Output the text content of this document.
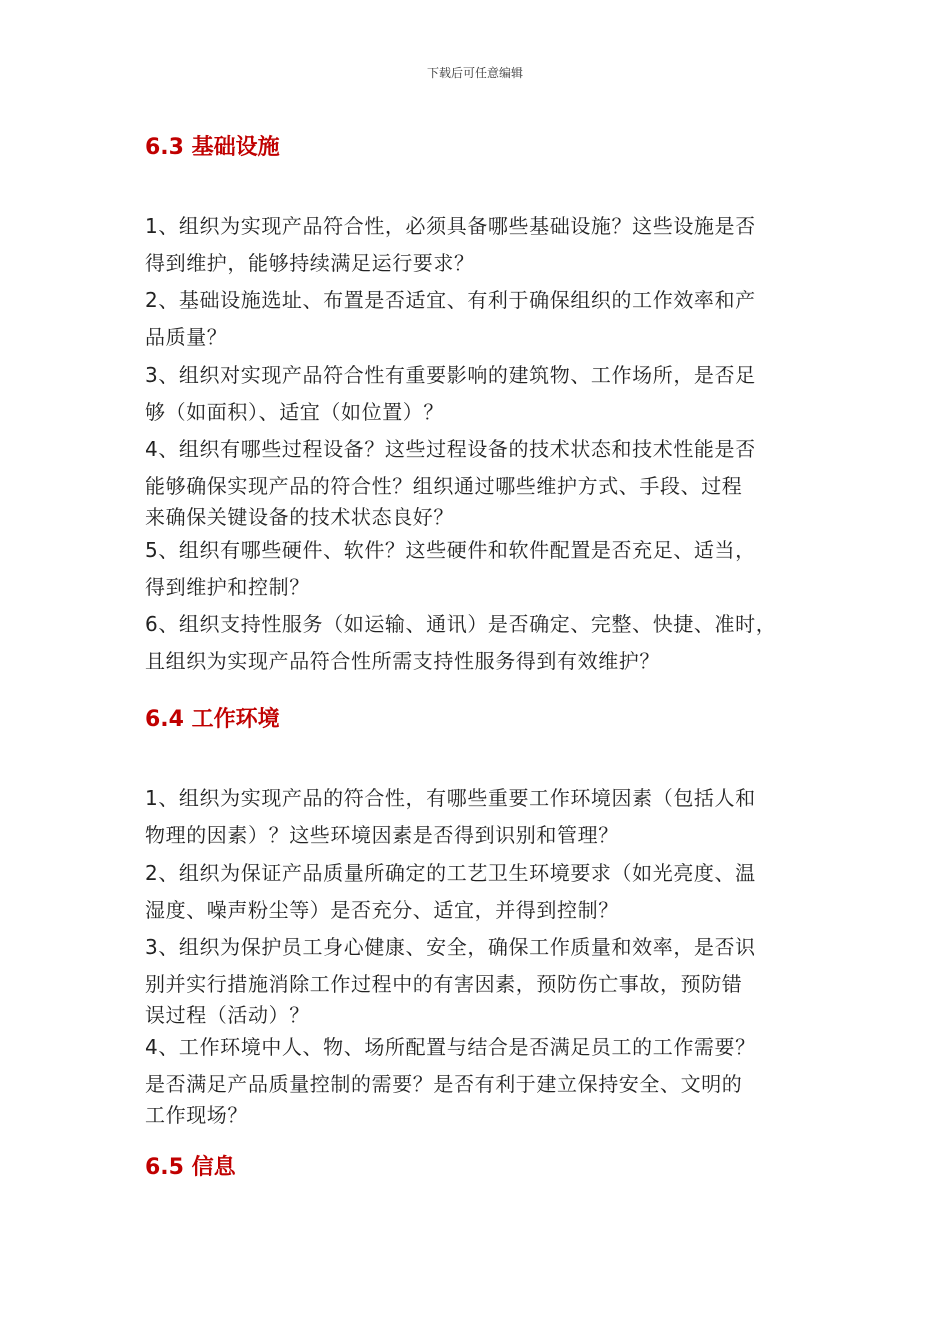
下载后可任意编辑
6.3 基础设施
1、组织为实现产品符合性，必须具备哪些基础设施？这些设施是否
得到维护，能够持续满足运行要求？
2、基础设施选址、布置是否适宜、有利于确保组织的工作效率和产
品质量？
3、组织对实现产品符合性有重要影响的建筑物、工作场所，是否足
够（如面积）、适宜（如位置）？
4、组织有哪些过程设备？这些过程设备的技术状态和技术性能是否
能够确保实现产品的符合性？组织通过哪些维护方式、手段、过程
来确保关键设备的技术状态良好？
5、组织有哪些硬件、软件？这些硬件和软件配置是否充足、适当，
得到维护和控制？
6、组织支持性服务（如运输、通讯）是否确定、完整、快捷、准时，
且组织为实现产品符合性所需支持性服务得到有效维护？
6.4 工作环境
1、组织为实现产品的符合性，有哪些重要工作环境因素（包括人和
物理的因素）？这些环境因素是否得到识别和管理？
2、组织为保证产品质量所确定的工艺卫生环境要求（如光亮度、温
湿度、噪声粉尘等）是否充分、适宜，并得到控制？
3、组织为保护员工身心健康、安全，确保工作质量和效率，是否识
别并实行措施消除工作过程中的有害因素，预防伤亡事故，预防错
误过程（活动）？
4、工作环境中人、物、场所配置与结合是否满足员工的工作需要？
是否满足产品质量控制的需要？是否有利于建立保持安全、文明的
工作现场？
6.5 信息
